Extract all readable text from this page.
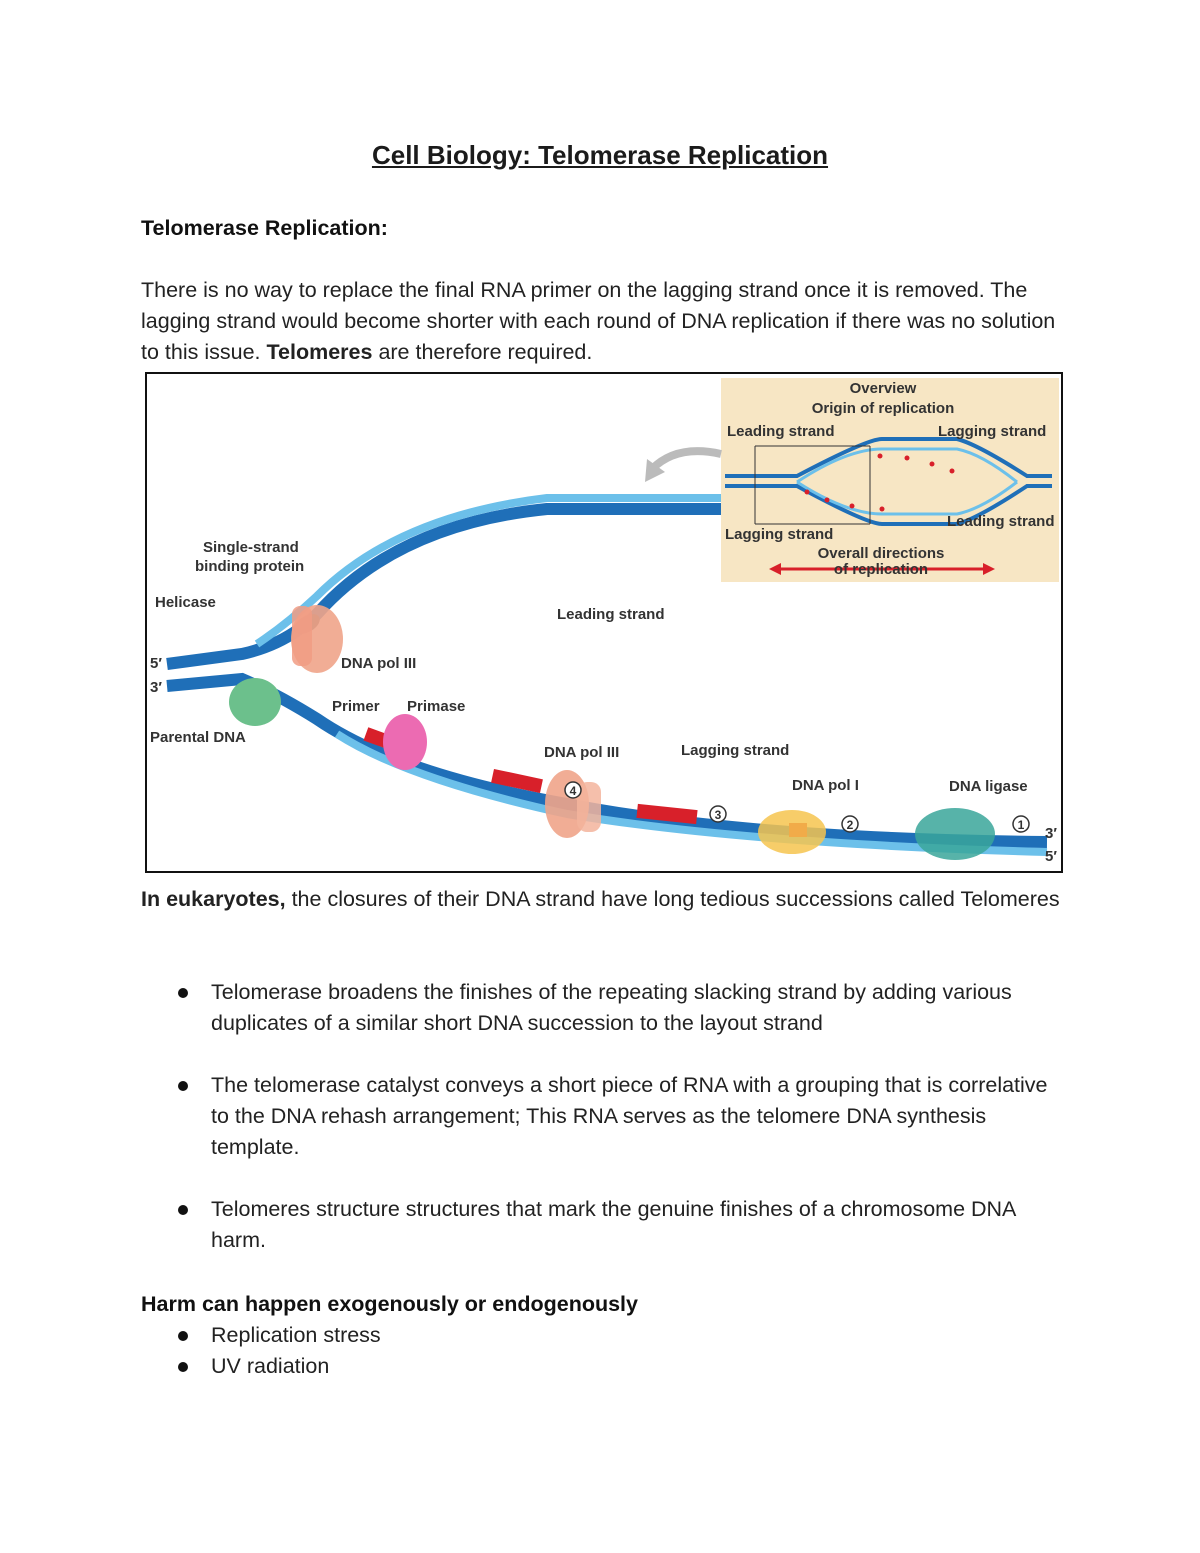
Cell Biology: Telomerase Replication
Telomerase Replication:
There is no way to replace the final RNA primer on the lagging strand once it is removed. The lagging strand would become shorter with each round of DNA replication if there was no solution to this issue. Telomeres are therefore required.
Overview
Origin of replication
Leading strand	Lagging strand
Lagging strand
Leading strand
Overall directions
of replication
Single-strand
binding protein
Helicase
Leading strand
DNA pol III
Parental DNA
Primer Primase
DNA pol III	Lagging strand
DNA pol I	DNA ligase
5′
3′
3′
5′
1
2
3
4
In eukaryotes, the closures of their DNA strand have long tedious successions called Telomeres
Telomerase broadens the finishes of the repeating slacking strand by adding various duplicates of a similar short DNA succession to the layout strand
The telomerase catalyst conveys a short piece of RNA with a grouping that is correlative to the DNA rehash arrangement; This RNA serves as the telomere DNA synthesis template.
Telomeres structure structures that mark the genuine finishes of a chromosome DNA harm.
Harm can happen exogenously or endogenously
Replication stress
UV radiation
